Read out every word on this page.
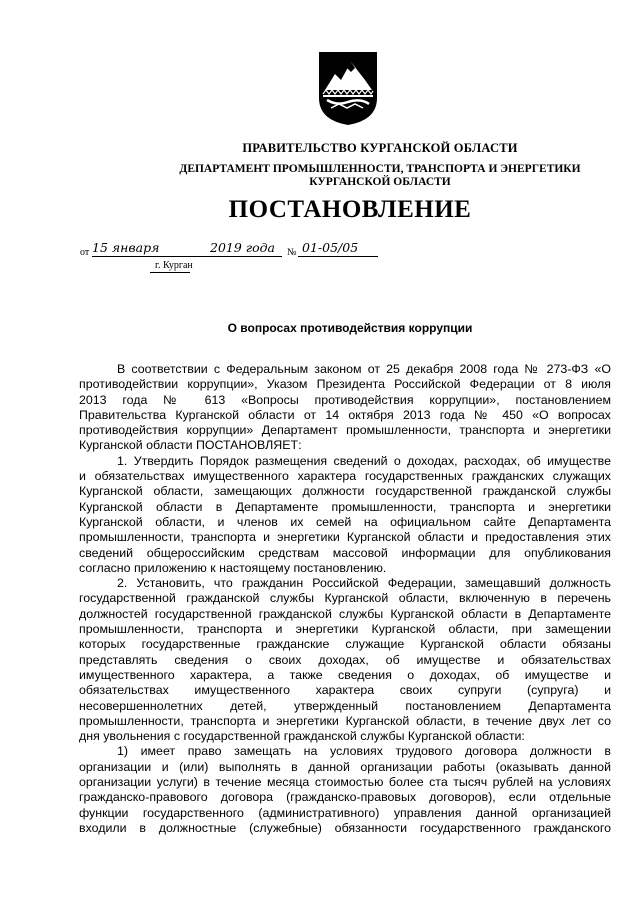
ПРАВИТЕЛЬСТВО КУРГАНСКОЙ ОБЛАСТИ
ДЕПАРТАМЕНТ ПРОМЫШЛЕННОСТИ, ТРАНСПОРТА И ЭНЕРГЕТИКИ
КУРГАНСКОЙ ОБЛАСТИ
ПОСТАНОВЛЕНИЕ
от 15 января	2019 года № 01-05/05
г. Курган
О вопросах противодействия коррупции
В соответствии с Федеральным законом от 25 декабря 2008 года № 273-ФЗ «О
противодействии коррупции», Указом Президента Российской Федерации от 8 июля
2013 года № 613 «Вопросы противодействия коррупции», постановлением
Правительства Курганской области от 14 октября 2013 года № 450 «О вопросах
противодействия коррупции» Департамент промышленности, транспорта и энергетики
Курганской области ПОСТАНОВЛЯЕТ:
1. Утвердить Порядок размещения сведений о доходах, расходах, об имуществе
и обязательствах имущественного характера государственных гражданских служащих
Курганской области, замещающих должности государственной гражданской службы
Курганской области в Департаменте промышленности, транспорта и энергетики
Курганской области, и членов их семей на официальном сайте Департамента
промышленности, транспорта и энергетики Курганской области и предоставления этих
сведений общероссийским средствам массовой информации для опубликования
согласно приложению к настоящему постановлению.
2. Установить, что гражданин Российской Федерации, замещавший должность
государственной гражданской службы Курганской области, включенную в перечень
должностей государственной гражданской службы Курганской области в Департаменте
промышленности, транспорта и энергетики Курганской области, при замещении
которых государственные гражданские служащие Курганской области обязаны
представлять сведения о своих доходах, об имуществе и обязательствах
имущественного характера, а также сведения о доходах, об имуществе и
обязательствах имущественного характера своих супруги (супруга) и
несовершеннолетних детей, утвержденный постановлением Департамента
промышленности, транспорта и энергетики Курганской области, в течение двух лет со
дня увольнения с государственной гражданской службы Курганской области:
1) имеет право замещать на условиях трудового договора должности в
организации и (или) выполнять в данной организации работы (оказывать данной
организации услуги) в течение месяца стоимостью более ста тысяч рублей на условиях
гражданско-правового договора (гражданско-правовых договоров), если отдельные
функции государственного (административного) управления данной организацией
входили в должностные (служебные) обязанности государственного гражданского
